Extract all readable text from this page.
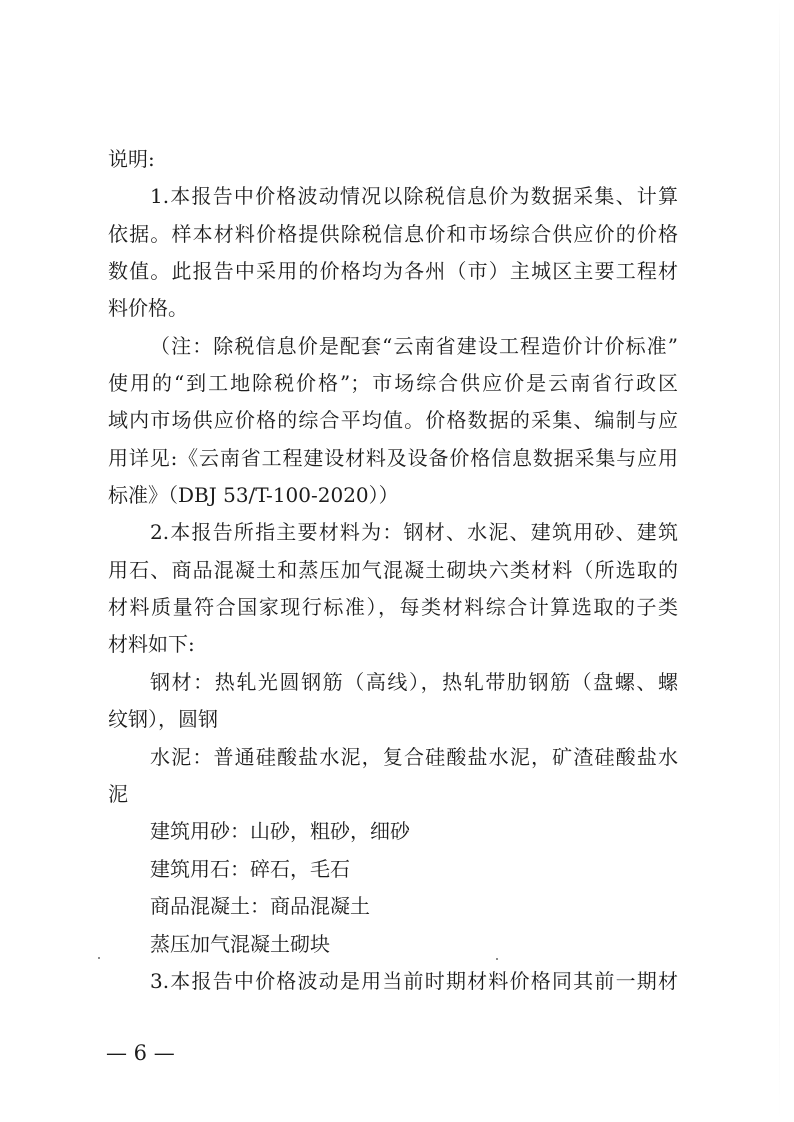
说明:
1.本报告中价格波动情况以除税信息价为数据采集、计算
依据。样本材料价格提供除税信息价和市场综合供应价的价格
数值。此报告中采用的价格均为各州（市）主城区主要工程材
料价格。
（注：除税信息价是配套“云南省建设工程造价计价标准”
使用的“到工地除税价格”；市场综合供应价是云南省行政区
域内市场供应价格的综合平均值。价格数据的采集、编制与应
用详见:《云南省工程建设材料及设备价格信息数据采集与应用
标准》（DBJ 53/T-100-2020））
2.本报告所指主要材料为：钢材、水泥、建筑用砂、建筑
用石、商品混凝土和蒸压加气混凝土砌块六类材料（所选取的
材料质量符合国家现行标准），每类材料综合计算选取的子类
材料如下:
钢材：热轧光圆钢筋（高线），热轧带肋钢筋（盘螺、螺
纹钢），圆钢
水泥：普通硅酸盐水泥，复合硅酸盐水泥，矿渣硅酸盐水
泥
建筑用砂：山砂，粗砂，细砂
建筑用石：碎石，毛石
商品混凝土：商品混凝土
蒸压加气混凝土砌块
3.本报告中价格波动是用当前时期材料价格同其前一期材
— 6 —
